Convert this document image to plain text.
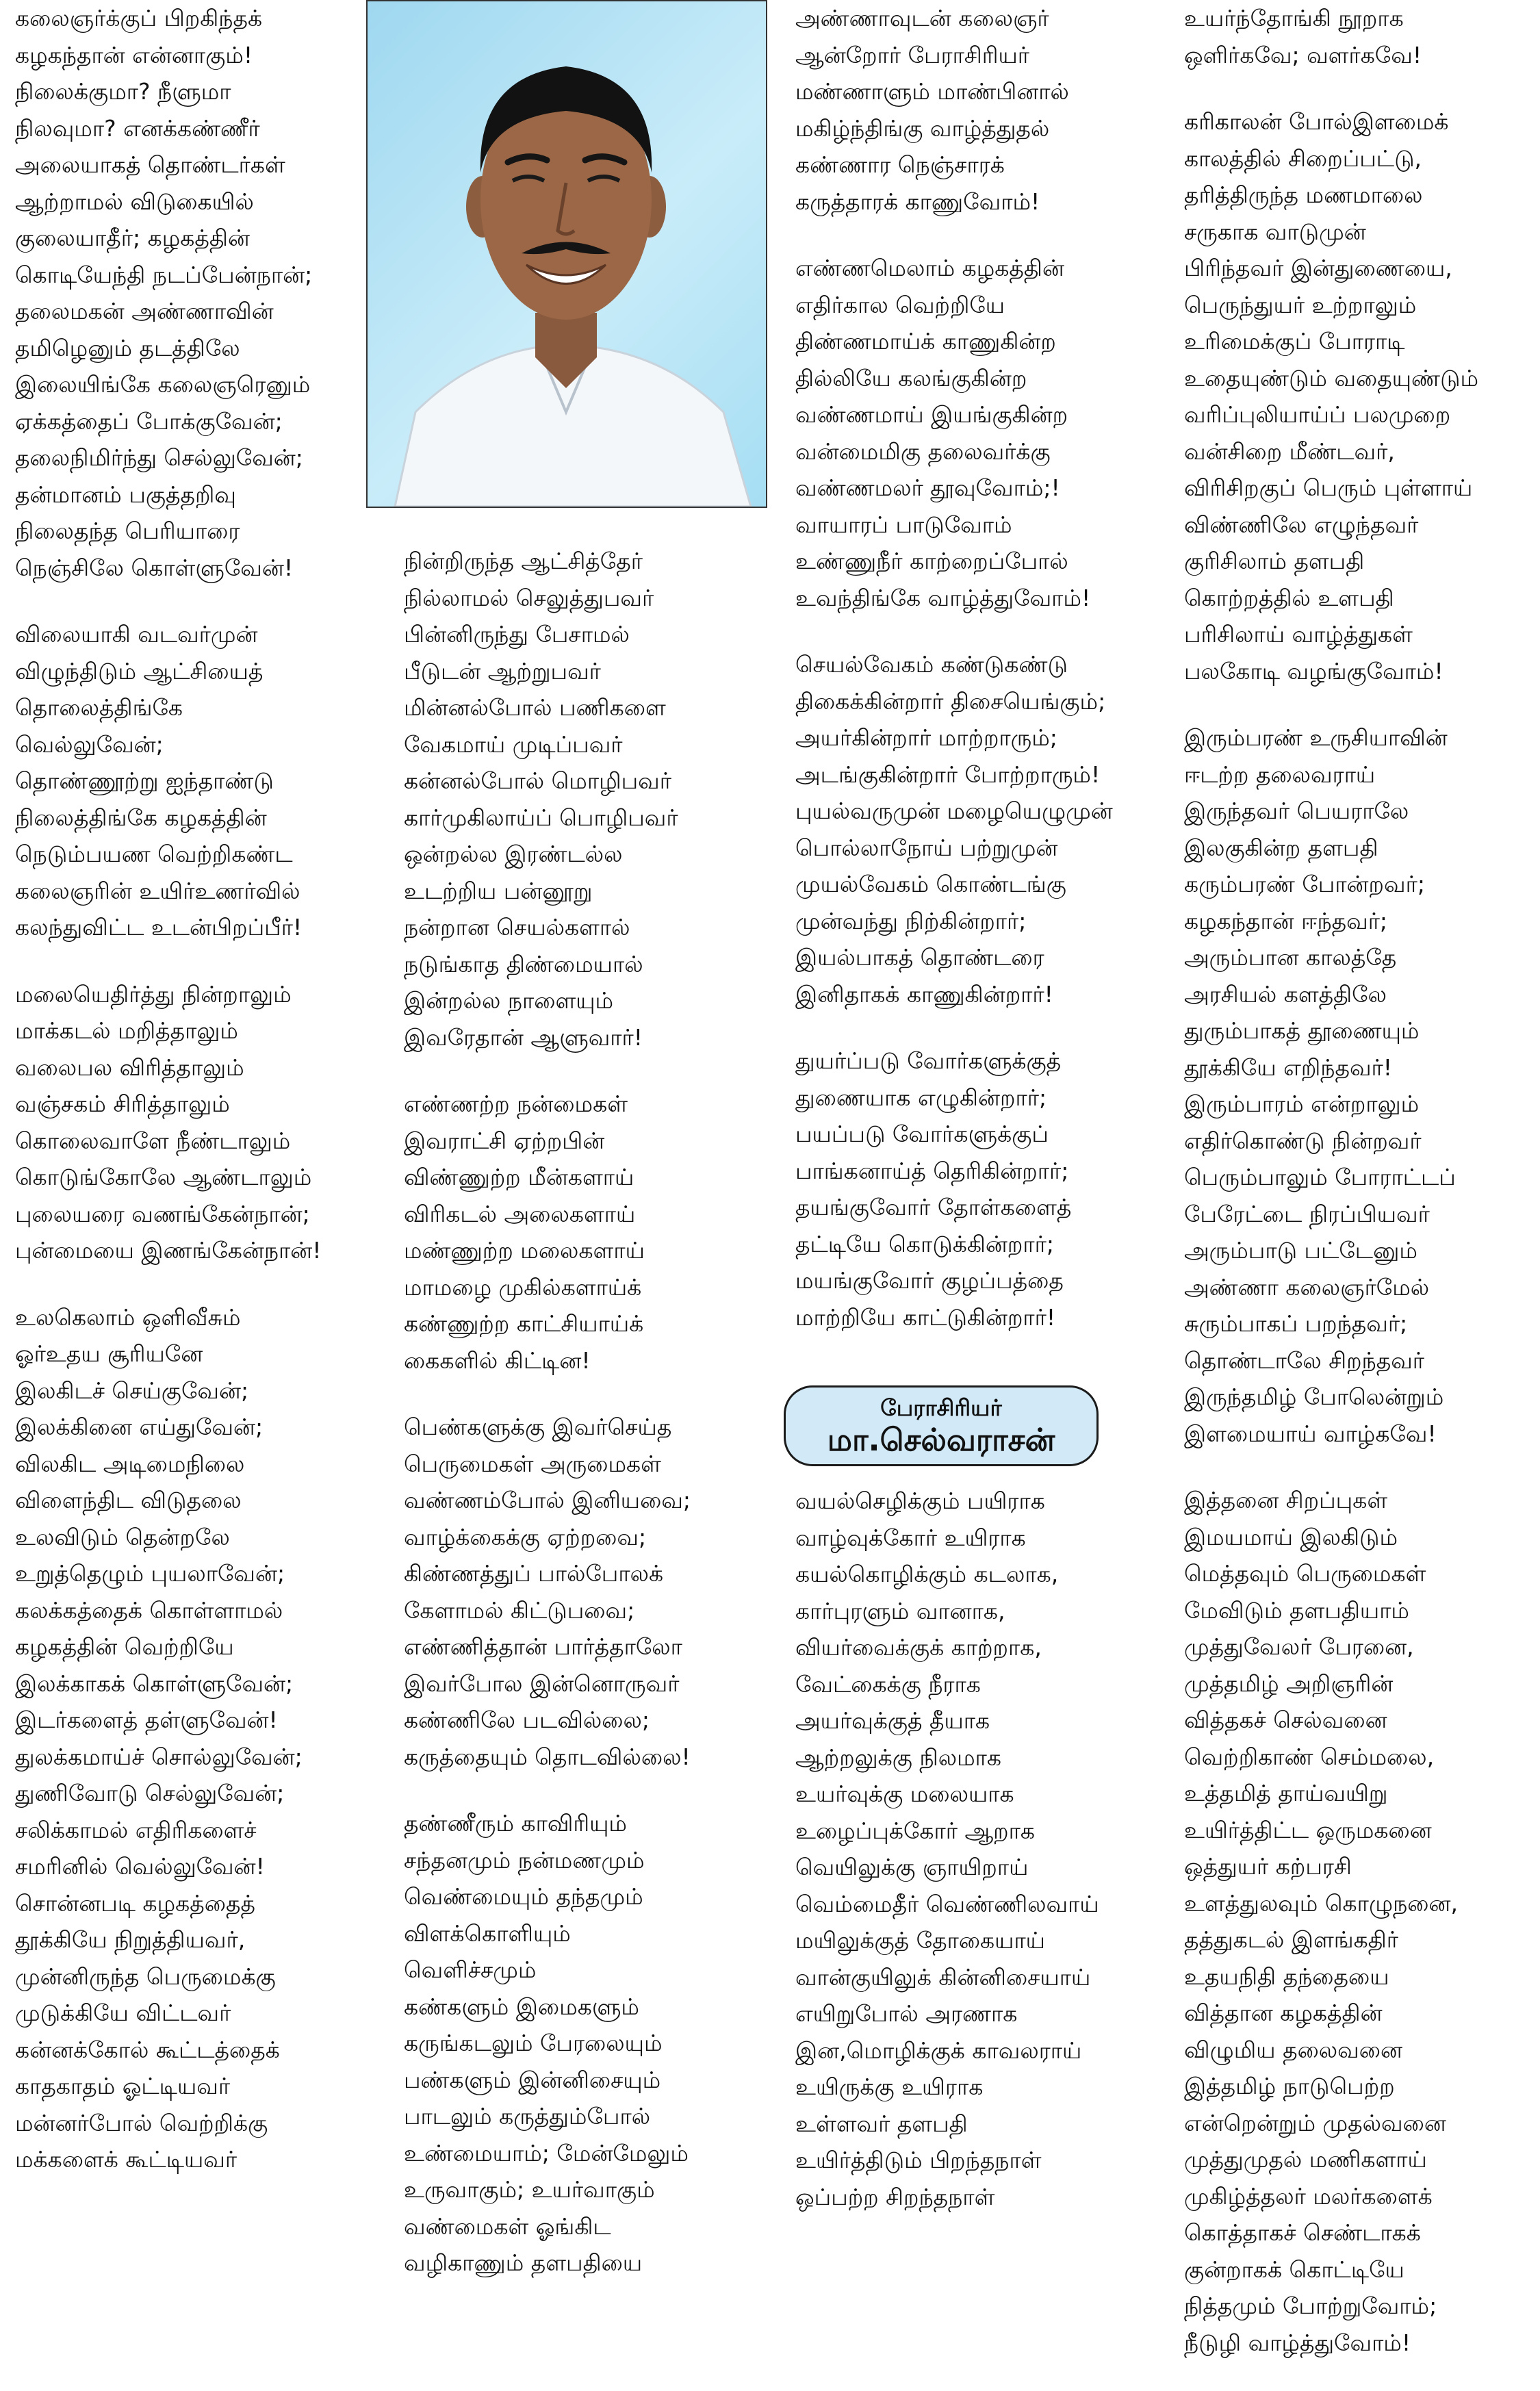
கலைஞர்க்குப் பிறகிந்தக்
கழகந்தான் என்னாகும்!
நிலைக்குமா? நீளுமா
நிலவுமா? எனக்கண்ணீர்
அலையாகத் தொண்டர்கள்
ஆற்றாமல் விடுகையில்
குலையாதீர்; கழகத்தின்
கொடியேந்தி நடப்பேன்நான்;
தலைமகன் அண்ணாவின்
தமிழெனும் தடத்திலே
இலையிங்கே கலைஞரெனும்
ஏக்கத்தைப் போக்குவேன்;
தலைநிமிர்ந்து செல்லுவேன்;
தன்மானம் பகுத்தறிவு
நிலைதந்த பெரியாரை
நெஞ்சிலே கொள்ளுவேன்!
விலையாகி வடவர்முன்
விழுந்திடும் ஆட்சியைத்
தொலைத்திங்கே
வெல்லுவேன்;
தொண்ணூற்று ஐந்தாண்டு
நிலைத்திங்கே கழகத்தின்
நெடும்பயண வெற்றிகண்ட
கலைஞரின் உயிர்உணர்வில்
கலந்துவிட்ட உடன்பிறப்பீர்!
மலையெதிர்த்து நின்றாலும்
மாக்கடல் மறித்தாலும்
வலைபல விரித்தாலும்
வஞ்சகம் சிரித்தாலும்
கொலைவாளே நீண்டாலும்
கொடுங்கோலே ஆண்டாலும்
புலையரை வணங்கேன்நான்;
புன்மையை இணங்கேன்நான்!
உலகெலாம் ஒளிவீசும்
ஓர்உதய சூரியனே
இலகிடச் செய்குவேன்;
இலக்கினை எய்துவேன்;
விலகிட அடிமைநிலை
விளைந்திட விடுதலை
உலவிடும் தென்றலே
உறுத்தெழும் புயலாவேன்;
கலக்கத்தைக் கொள்ளாமல்
கழகத்தின் வெற்றியே
இலக்காகக் கொள்ளுவேன்;
இடர்களைத் தள்ளுவேன்!
துலக்கமாய்ச் சொல்லுவேன்;
துணிவோடு செல்லுவேன்;
சலிக்காமல் எதிரிகளைச்
சமரினில் வெல்லுவேன்!
சொன்னபடி கழகத்தைத்
தூக்கியே நிறுத்தியவர்,
முன்னிருந்த பெருமைக்கு
முடுக்கியே விட்டவர்
கன்னக்கோல் கூட்டத்தைக்
காதகாதம் ஓட்டியவர்
மன்னர்போல் வெற்றிக்கு
மக்களைக் கூட்டியவர்
நின்றிருந்த ஆட்சித்தேர்
நில்லாமல் செலுத்துபவர்
பின்னிருந்து பேசாமல்
பீடுடன் ஆற்றுபவர்
மின்னல்போல் பணிகளை
வேகமாய் முடிப்பவர்
கன்னல்போல் மொழிபவர்
கார்முகிலாய்ப் பொழிபவர்
ஒன்றல்ல இரண்டல்ல
உடற்றிய பன்னூறு
நன்றான செயல்களால்
நடுங்காத திண்மையால்
இன்றல்ல நாளையும்
இவரேதான் ஆளுவார்!
எண்ணற்ற நன்மைகள்
இவராட்சி ஏற்றபின்
விண்ணுற்ற மீன்களாய்
விரிகடல் அலைகளாய்
மண்ணுற்ற மலைகளாய்
மாமழை முகில்களாய்க்
கண்ணுற்ற காட்சியாய்க்
கைகளில் கிட்டின!
பெண்களுக்கு இவர்செய்த
பெருமைகள் அருமைகள்
வண்ணம்போல் இனியவை;
வாழ்க்கைக்கு ஏற்றவை;
கிண்ணத்துப் பால்போலக்
கேளாமல் கிட்டுபவை;
எண்ணித்தான் பார்த்தாலோ
இவர்போல இன்னொருவர்
கண்ணிலே படவில்லை;
கருத்தையும் தொடவில்லை!
தண்ணீரும் காவிரியும்
சந்தனமும் நன்மணமும்
வெண்மையும் தந்தமும்
விளக்கொளியும்
வெளிச்சமும்
கண்களும் இமைகளும்
கருங்கடலும் பேரலையும்
பண்களும் இன்னிசையும்
பாடலும் கருத்தும்போல்
உண்மையாம்; மேன்மேலும்
உருவாகும்; உயர்வாகும்
வண்மைகள் ஓங்கிட
வழிகாணும் தளபதியை
அண்ணாவுடன் கலைஞர்
ஆன்றோர் பேராசிரியர்
மண்ணாளும் மாண்பினால்
மகிழ்ந்திங்கு வாழ்த்துதல்
கண்ணார நெஞ்சாரக்
கருத்தாரக் காணுவோம்!
எண்ணமெலாம் கழகத்தின்
எதிர்கால வெற்றியே
திண்ணமாய்க் காணுகின்ற
தில்லியே கலங்குகின்ற
வண்ணமாய் இயங்குகின்ற
வன்மைமிகு தலைவர்க்கு
வண்ணமலர் தூவுவோம்;!
வாயாரப் பாடுவோம்
உண்ணுநீர் காற்றைப்போல்
உவந்திங்கே வாழ்த்துவோம்!
செயல்வேகம் கண்டுகண்டு
திகைக்கின்றார் திசையெங்கும்;
அயர்கின்றார் மாற்றாரும்;
அடங்குகின்றார் போற்றாரும்!
புயல்வருமுன் மழையெழுமுன்
பொல்லாநோய் பற்றுமுன்
முயல்வேகம் கொண்டங்கு
முன்வந்து நிற்கின்றார்;
இயல்பாகத் தொண்டரை
இனிதாகக் காணுகின்றார்!
துயர்ப்படு வோர்களுக்குத்
துணையாக எழுகின்றார்;
பயப்படு வோர்களுக்குப்
பாங்கனாய்த் தெரிகின்றார்;
தயங்குவோர் தோள்களைத்
தட்டியே கொடுக்கின்றார்;
மயங்குவோர் குழப்பத்தை
மாற்றியே காட்டுகின்றார்!
பேராசிரியர்
மா.செல்வராசன்
வயல்செழிக்கும் பயிராக
வாழ்வுக்கோர் உயிராக
கயல்கொழிக்கும் கடலாக,
கார்புரளும் வானாக,
வியர்வைக்குக் காற்றாக,
வேட்கைக்கு நீராக
அயர்வுக்குத் தீயாக
ஆற்றலுக்கு நிலமாக
உயர்வுக்கு மலையாக
உழைப்புக்கோர் ஆறாக
வெயிலுக்கு ஞாயிறாய்
வெம்மைதீர் வெண்ணிலவாய்
மயிலுக்குத் தோகையாய்
வான்குயிலுக் கின்னிசையாய்
எயிறுபோல் அரணாக
இன,மொழிக்குக் காவலராய்
உயிருக்கு உயிராக
உள்ளவர் தளபதி
உயிர்த்திடும் பிறந்தநாள்
ஒப்பற்ற சிறந்தநாள்
உயர்ந்தோங்கி நூறாக
ஒளிர்கவே; வளர்கவே!
கரிகாலன் போல்இளமைக்
காலத்தில் சிறைப்பட்டு,
தரித்திருந்த மணமாலை
சருகாக வாடுமுன்
பிரிந்தவர் இன்துணையை,
பெருந்துயர் உற்றாலும்
உரிமைக்குப் போராடி
உதையுண்டும் வதையுண்டும்
வரிப்புலியாய்ப் பலமுறை
வன்சிறை மீண்டவர்,
விரிசிறகுப் பெரும் புள்ளாய்
விண்ணிலே எழுந்தவர்
குரிசிலாம் தளபதி
கொற்றத்தில் உளபதி
பரிசிலாய் வாழ்த்துகள்
பலகோடி வழங்குவோம்!
இரும்பரண் உருசியாவின்
ஈடற்ற தலைவராய்
இருந்தவர் பெயராலே
இலகுகின்ற தளபதி
கரும்பரண் போன்றவர்;
கழகந்தான் ஈந்தவர்;
அரும்பான காலத்தே
அரசியல் களத்திலே
துரும்பாகத் தூணையும்
தூக்கியே எறிந்தவர்!
இரும்பாரம் என்றாலும்
எதிர்கொண்டு நின்றவர்
பெரும்பாலும் போராட்டப்
பேரேட்டை நிரப்பியவர்
அரும்பாடு பட்டேனும்
அண்ணா கலைஞர்மேல்
சுரும்பாகப் பறந்தவர்;
தொண்டாலே சிறந்தவர்
இருந்தமிழ் போலென்றும்
இளமையாய் வாழ்கவே!
இத்தனை சிறப்புகள்
இமயமாய் இலகிடும்
மெத்தவும் பெருமைகள்
மேவிடும் தளபதியாம்
முத்துவேலர் பேரனை,
முத்தமிழ் அறிஞரின்
வித்தகச் செல்வனை
வெற்றிகாண் செம்மலை,
உத்தமித் தாய்வயிறு
உயிர்த்திட்ட ஒருமகனை
ஒத்துயர் கற்பரசி
உளத்துலவும் கொழுநனை,
தத்துகடல் இளங்கதிர்
உதயநிதி தந்தையை
வித்தான கழகத்தின்
விழுமிய தலைவனை
இத்தமிழ் நாடுபெற்ற
என்றென்றும் முதல்வனை
முத்துமுதல் மணிகளாய்
முகிழ்த்தலர் மலர்களைக்
கொத்தாகச் செண்டாகக்
குன்றாகக் கொட்டியே
நித்தமும் போற்றுவோம்;
நீடுழி வாழ்த்துவோம்!
